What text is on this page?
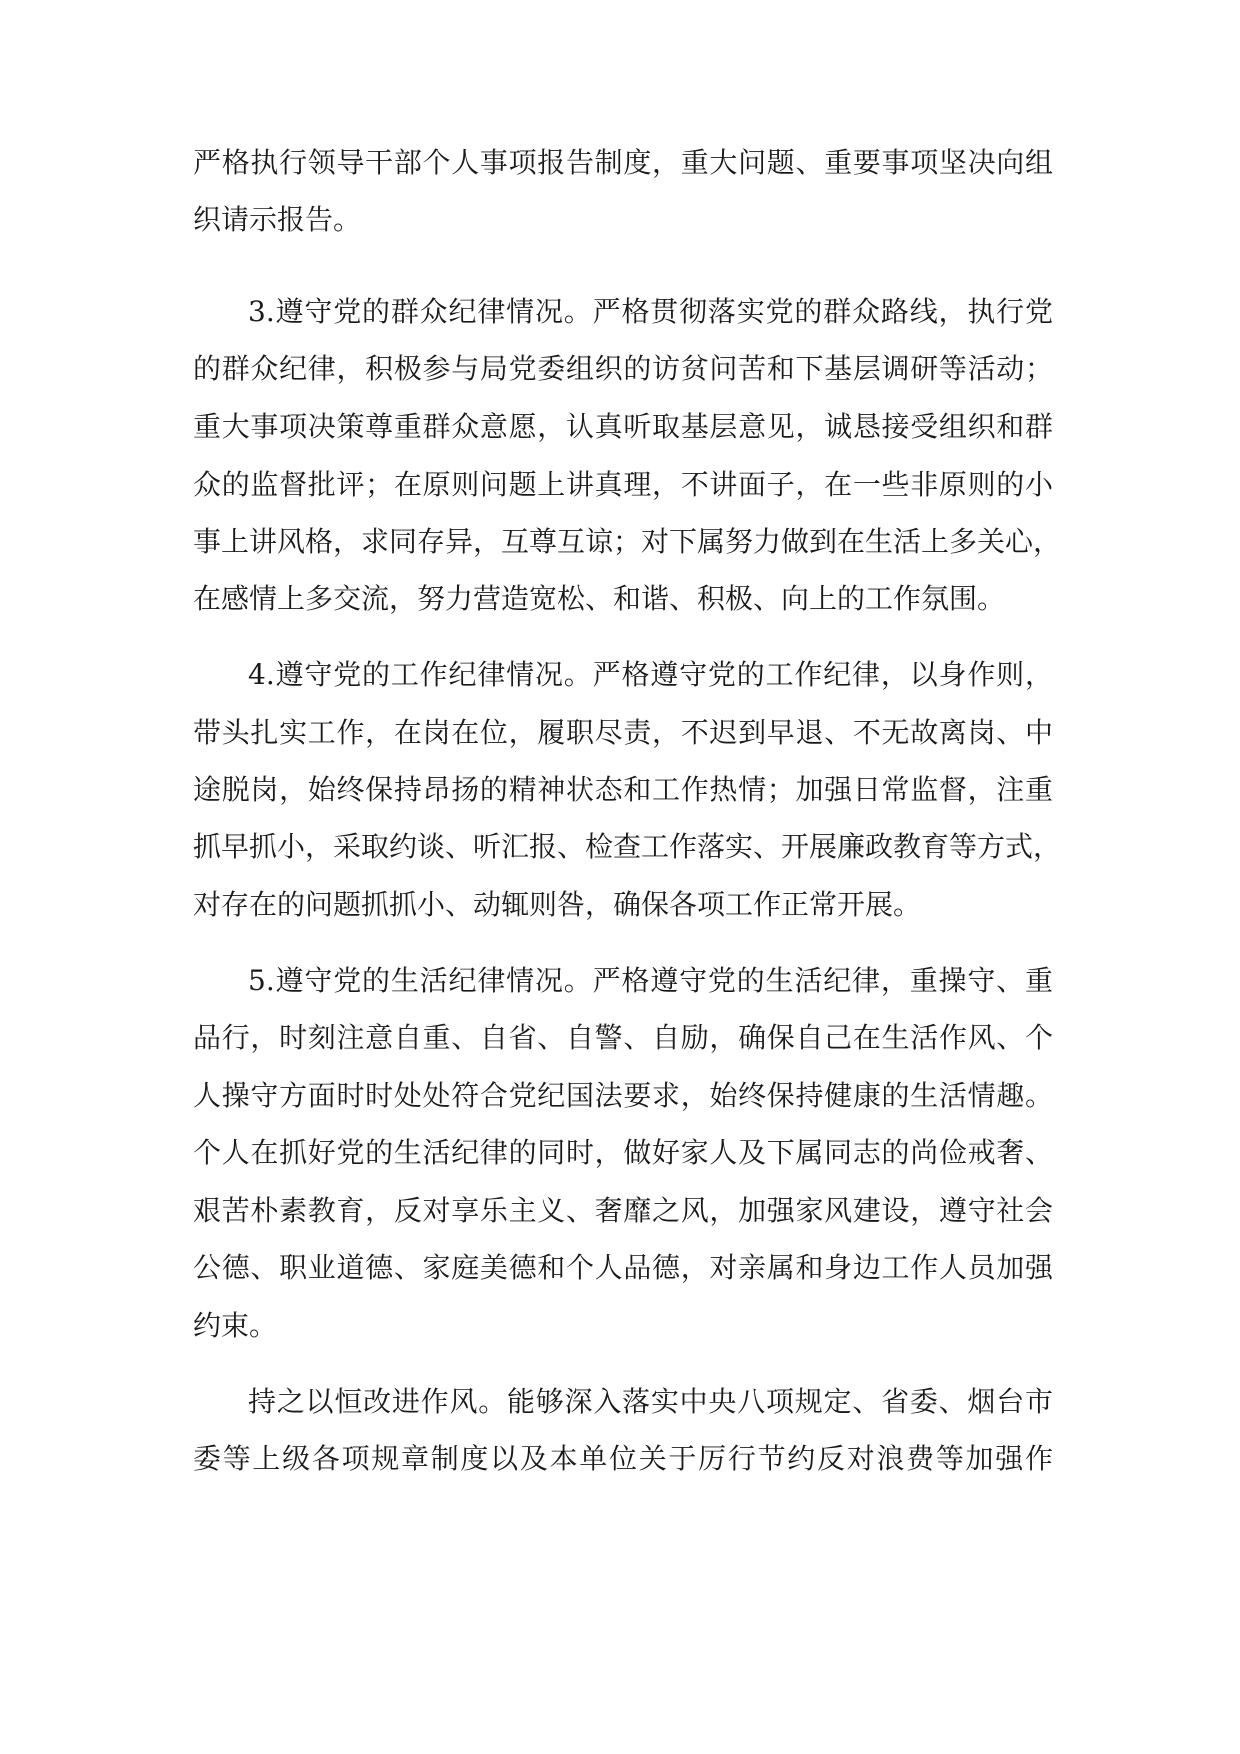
严格执行领导干部个人事项报告制度，重大问题、重要事项坚决向组
织请示报告。
3.遵守党的群众纪律情况。严格贯彻落实党的群众路线，执行党
的群众纪律，积极参与局党委组织的访贫问苦和下基层调研等活动；
重大事项决策尊重群众意愿，认真听取基层意见，诚恳接受组织和群
众的监督批评；在原则问题上讲真理，不讲面子，在一些非原则的小
事上讲风格，求同存异，互尊互谅；对下属努力做到在生活上多关心，
在感情上多交流，努力营造宽松、和谐、积极、向上的工作氛围。
4.遵守党的工作纪律情况。严格遵守党的工作纪律，以身作则，
带头扎实工作，在岗在位，履职尽责，不迟到早退、不无故离岗、中
途脱岗，始终保持昂扬的精神状态和工作热情；加强日常监督，注重
抓早抓小，采取约谈、听汇报、检查工作落实、开展廉政教育等方式，
对存在的问题抓抓小、动辄则咎，确保各项工作正常开展。
5.遵守党的生活纪律情况。严格遵守党的生活纪律，重操守、重
品行，时刻注意自重、自省、自警、自励，确保自己在生活作风、个
人操守方面时时处处符合党纪国法要求，始终保持健康的生活情趣。
个人在抓好党的生活纪律的同时，做好家人及下属同志的尚俭戒奢、
艰苦朴素教育，反对享乐主义、奢靡之风，加强家风建设，遵守社会
公德、职业道德、家庭美德和个人品德，对亲属和身边工作人员加强
约束。
持之以恒改进作风。能够深入落实中央八项规定、省委、烟台市
委等上级各项规章制度以及本单位关于厉行节约反对浪费等加强作
